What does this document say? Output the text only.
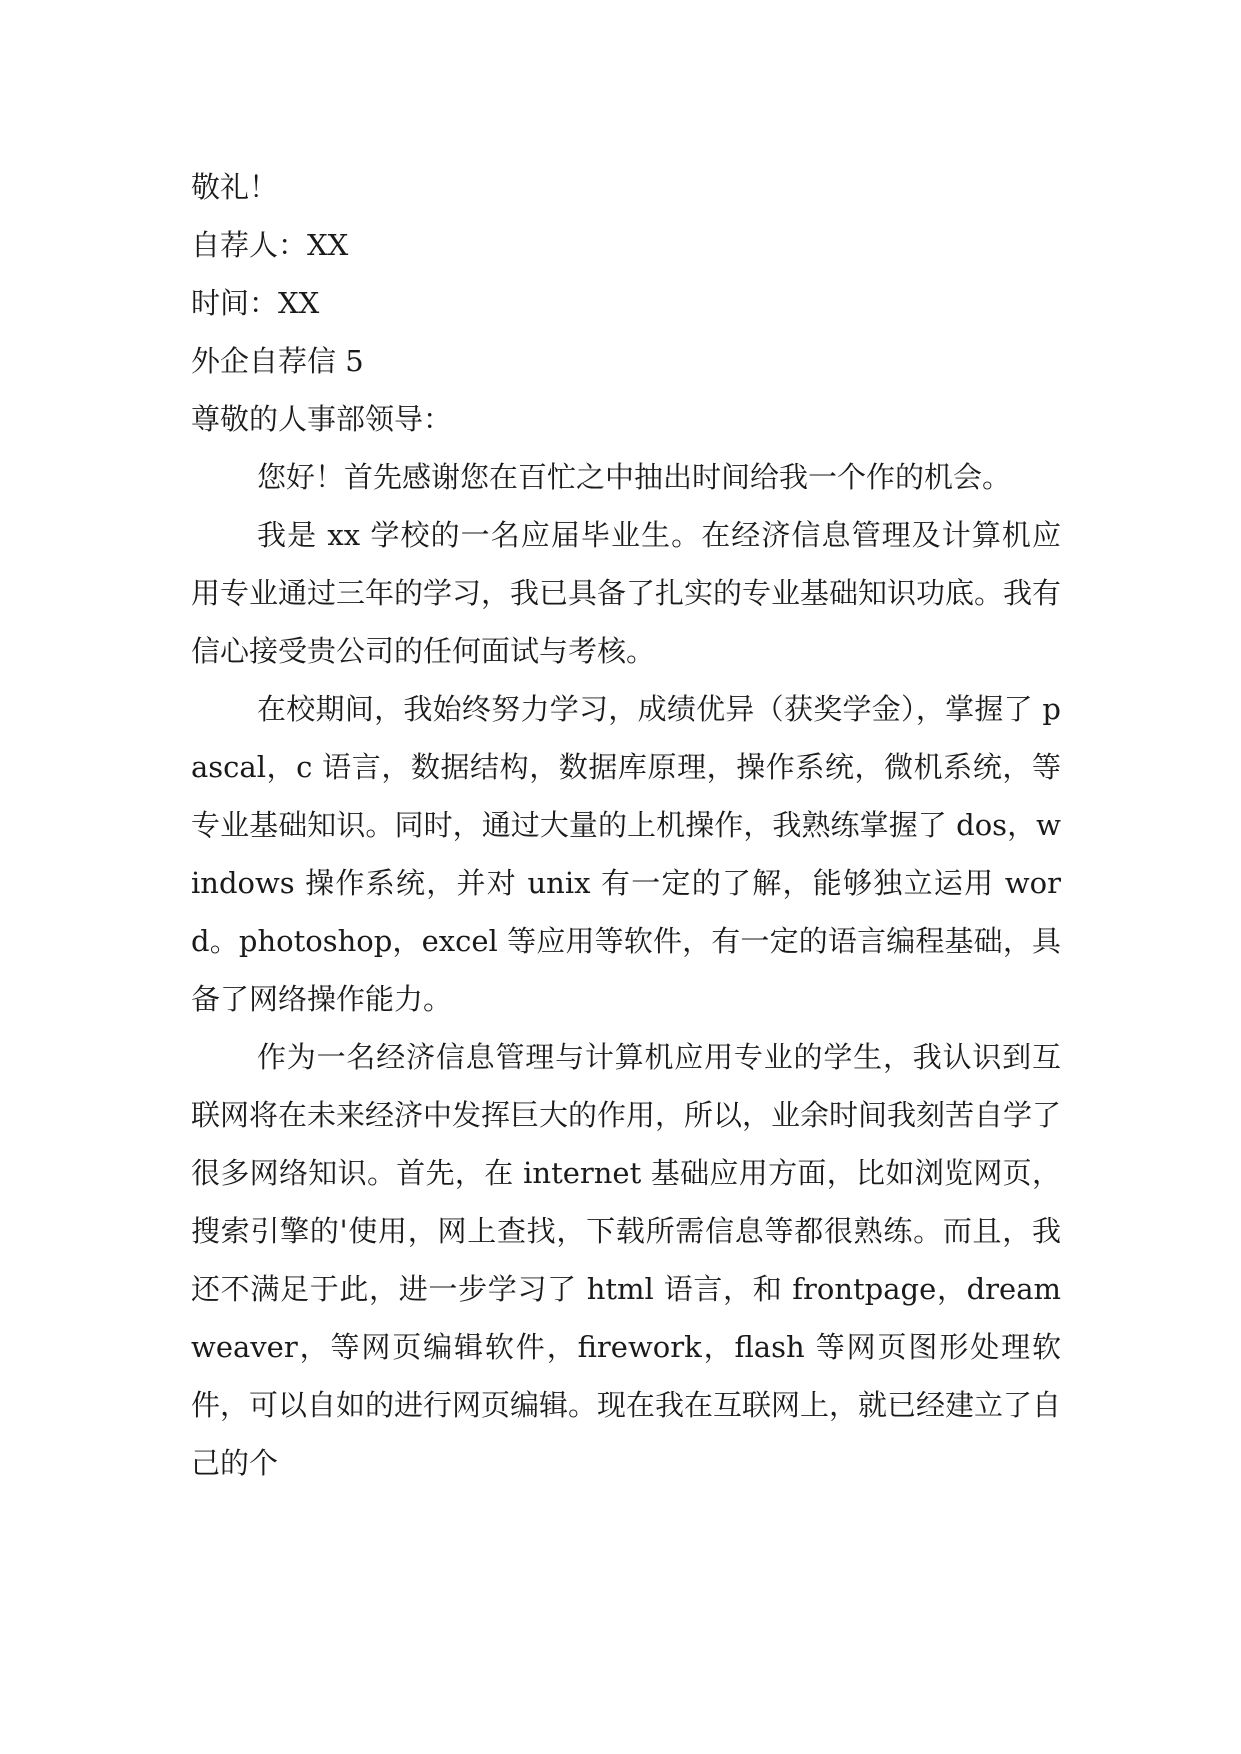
敬礼！

自荐人：XX

时间：XX

外企自荐信 5

尊敬的人事部领导：

您好！首先感谢您在百忙之中抽出时间给我一个作的机会。

我是 xx 学校的一名应届毕业生。在经济信息管理及计算机应用专业通过三年的学习，我已具备了扎实的专业基础知识功底。我有信心接受贵公司的任何面试与考核。

在校期间，我始终努力学习，成绩优异（获奖学金），掌握了 pascal，c 语言，数据结构，数据库原理，操作系统，微机系统，等专业基础知识。同时，通过大量的上机操作，我熟练掌握了 dos，windows 操作系统，并对 unix 有一定的了解，能够独立运用 word。photoshop，excel 等应用等软件，有一定的语言编程基础，具备了网络操作能力。

作为一名经济信息管理与计算机应用专业的学生，我认识到互联网将在未来经济中发挥巨大的作用，所以，业余时间我刻苦自学了很多网络知识。首先，在 internet 基础应用方面，比如浏览网页，搜索引擎的'使用，网上查找，下载所需信息等都很熟练。而且，我还不满足于此，进一步学习了 html 语言，和 frontpage，dreamweaver，等网页编辑软件，firework，flash 等网页图形处理软件，可以自如的进行网页编辑。现在我在互联网上，就已经建立了自己的个
